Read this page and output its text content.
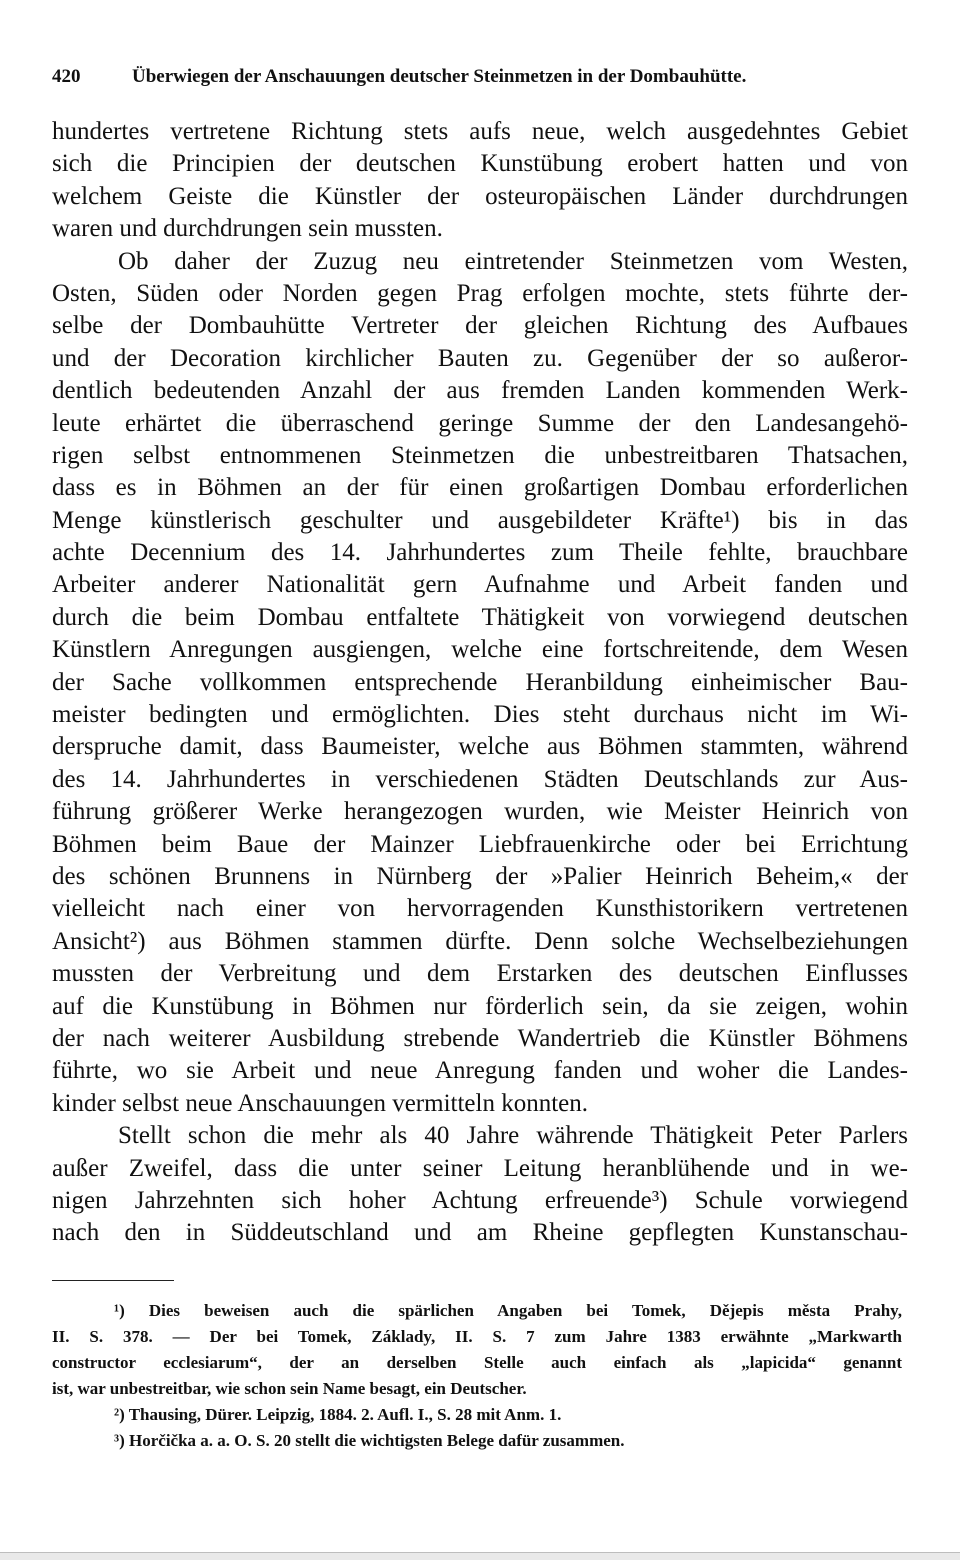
420	Überwiegen der Anschauungen deutscher Steinmetzen in der Dombauhütte.
hundertes vertretene Richtung stets aufs neue, welch ausgedehntes Gebiet
sich die Principien der deutschen Kunstübung erobert hatten und von
welchem Geiste die Künstler der osteuropäischen Länder durchdrungen
waren und durchdrungen sein mussten.
Ob daher der Zuzug neu eintretender Steinmetzen vom Westen,
Osten, Süden oder Norden gegen Prag erfolgen mochte, stets führte der-
selbe der Dombauhütte Vertreter der gleichen Richtung des Aufbaues
und der Decoration kirchlicher Bauten zu. Gegenüber der so außeror-
dentlich bedeutenden Anzahl der aus fremden Landen kommenden Werk-
leute erhärtet die überraschend geringe Summe der den Landesangehö-
rigen selbst entnommenen Steinmetzen die unbestreitbaren Thatsachen,
dass es in Böhmen an der für einen großartigen Dombau erforderlichen
Menge künstlerisch geschulter und ausgebildeter Kräfte¹) bis in das
achte Decennium des 14. Jahrhundertes zum Theile fehlte, brauchbare
Arbeiter anderer Nationalität gern Aufnahme und Arbeit fanden und
durch die beim Dombau entfaltete Thätigkeit von vorwiegend deutschen
Künstlern Anregungen ausgiengen, welche eine fortschreitende, dem Wesen
der Sache vollkommen entsprechende Heranbildung einheimischer Bau-
meister bedingten und ermöglichten. Dies steht durchaus nicht im Wi-
derspruche damit, dass Baumeister, welche aus Böhmen stammten, während
des 14. Jahrhundertes in verschiedenen Städten Deutschlands zur Aus-
führung größerer Werke herangezogen wurden, wie Meister Heinrich von
Böhmen beim Baue der Mainzer Liebfrauenkirche oder bei Errichtung
des schönen Brunnens in Nürnberg der »Palier Heinrich Beheim,« der
vielleicht nach einer von hervorragenden Kunsthistorikern vertretenen
Ansicht²) aus Böhmen stammen dürfte. Denn solche Wechselbeziehungen
mussten der Verbreitung und dem Erstarken des deutschen Einflusses
auf die Kunstübung in Böhmen nur förderlich sein, da sie zeigen, wohin
der nach weiterer Ausbildung strebende Wandertrieb die Künstler Böhmens
führte, wo sie Arbeit und neue Anregung fanden und woher die Landes-
kinder selbst neue Anschauungen vermitteln konnten.
Stellt schon die mehr als 40 Jahre währende Thätigkeit Peter Parlers
außer Zweifel, dass die unter seiner Leitung heranblühende und in we-
nigen Jahrzehnten sich hoher Achtung erfreuende³) Schule vorwiegend
nach den in Süddeutschland und am Rheine gepflegten Kunstanschau-
¹) Dies beweisen auch die spärlichen Angaben bei Tomek, Dějepis města Prahy,
II. S. 378. — Der bei Tomek, Základy, II. S. 7 zum Jahre 1383 erwähnte „Markwarth
constructor ecclesiarum“, der an derselben Stelle auch einfach als „lapicida“ genannt
ist, war unbestreitbar, wie schon sein Name besagt, ein Deutscher.
²) Thausing, Dürer. Leipzig, 1884. 2. Aufl. I., S. 28 mit Anm. 1.
³) Horčička a. a. O. S. 20 stellt die wichtigsten Belege dafür zusammen.
